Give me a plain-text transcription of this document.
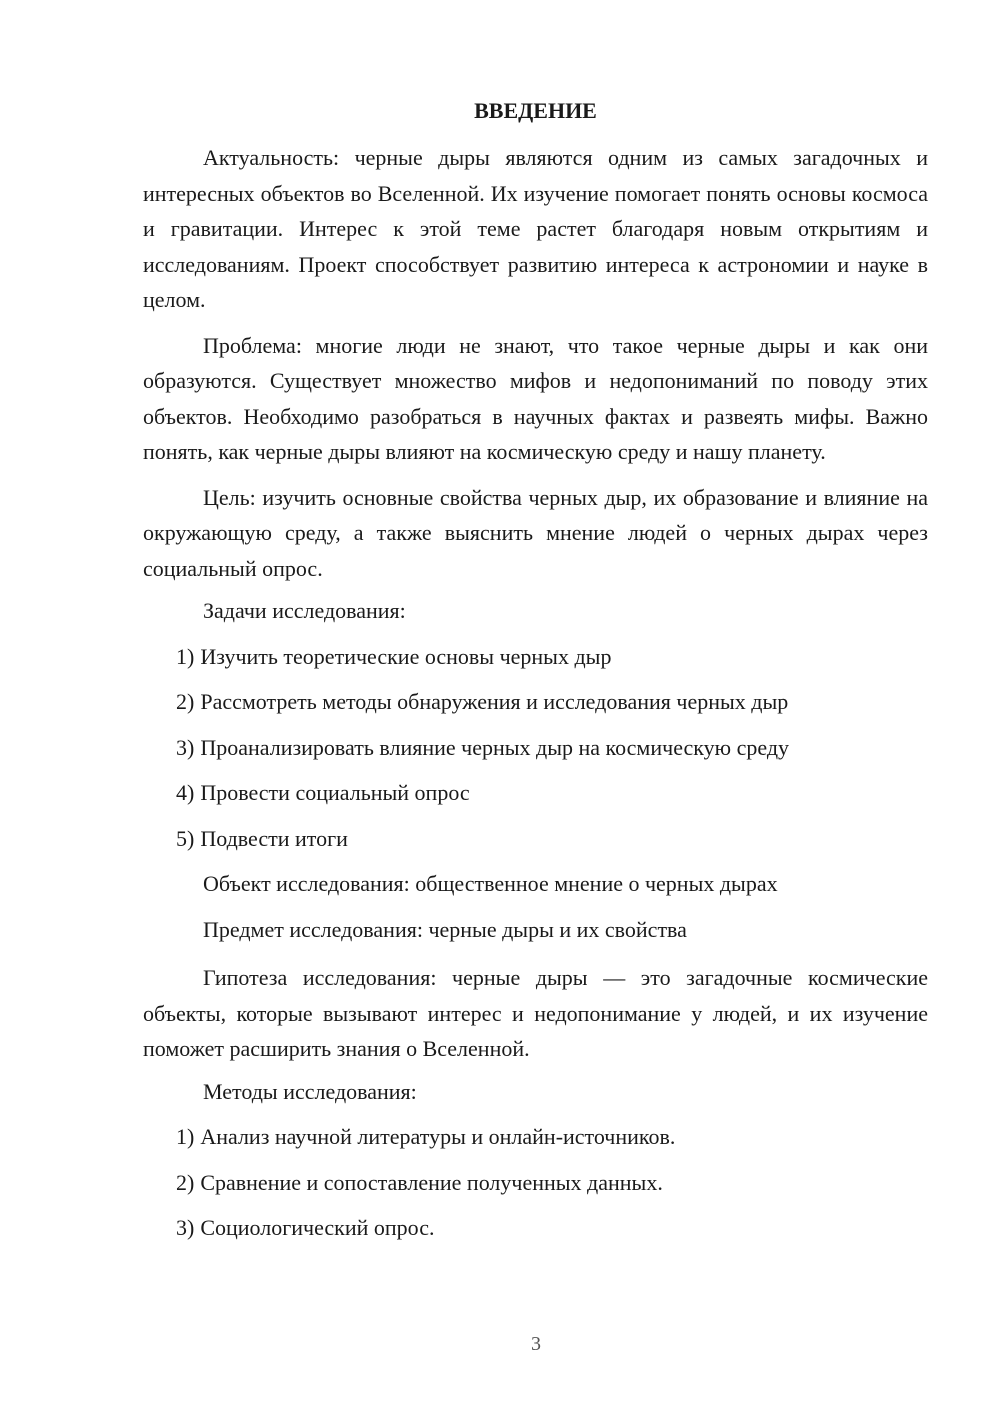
ВВЕДЕНИЕ

Актуальность: черные дыры являются одним из самых загадочных и интересных объектов во Вселенной. Их изучение помогает понять основы космоса и гравитации. Интерес к этой теме растет благодаря новым открытиям и исследованиям. Проект способствует развитию интереса к астрономии и науке в целом.

Проблема: многие люди не знают, что такое черные дыры и как они образуются. Существует множество мифов и недопониманий по поводу этих объектов. Необходимо разобраться в научных фактах и развеять мифы. Важно понять, как черные дыры влияют на космическую среду и нашу планету.

Цель: изучить основные свойства черных дыр, их образование и влияние на окружающую среду, а также выяснить мнение людей о черных дырах через социальный опрос.

Задачи исследования:
1) Изучить теоретические основы черных дыр
2) Рассмотреть методы обнаружения и исследования черных дыр
3) Проанализировать влияние черных дыр на космическую среду
4) Провести социальный опрос
5) Подвести итоги
Объект исследования: общественное мнение о черных дырах
Предмет исследования: черные дыры и их свойства

Гипотеза исследования: черные дыры — это загадочные космические объекты, которые вызывают интерес и недопонимание у людей, и их изучение поможет расширить знания о Вселенной.

Методы исследования:
1) Анализ научной литературы и онлайн-источников.
2) Сравнение и сопоставление полученных данных.
3) Социологический опрос.
3
